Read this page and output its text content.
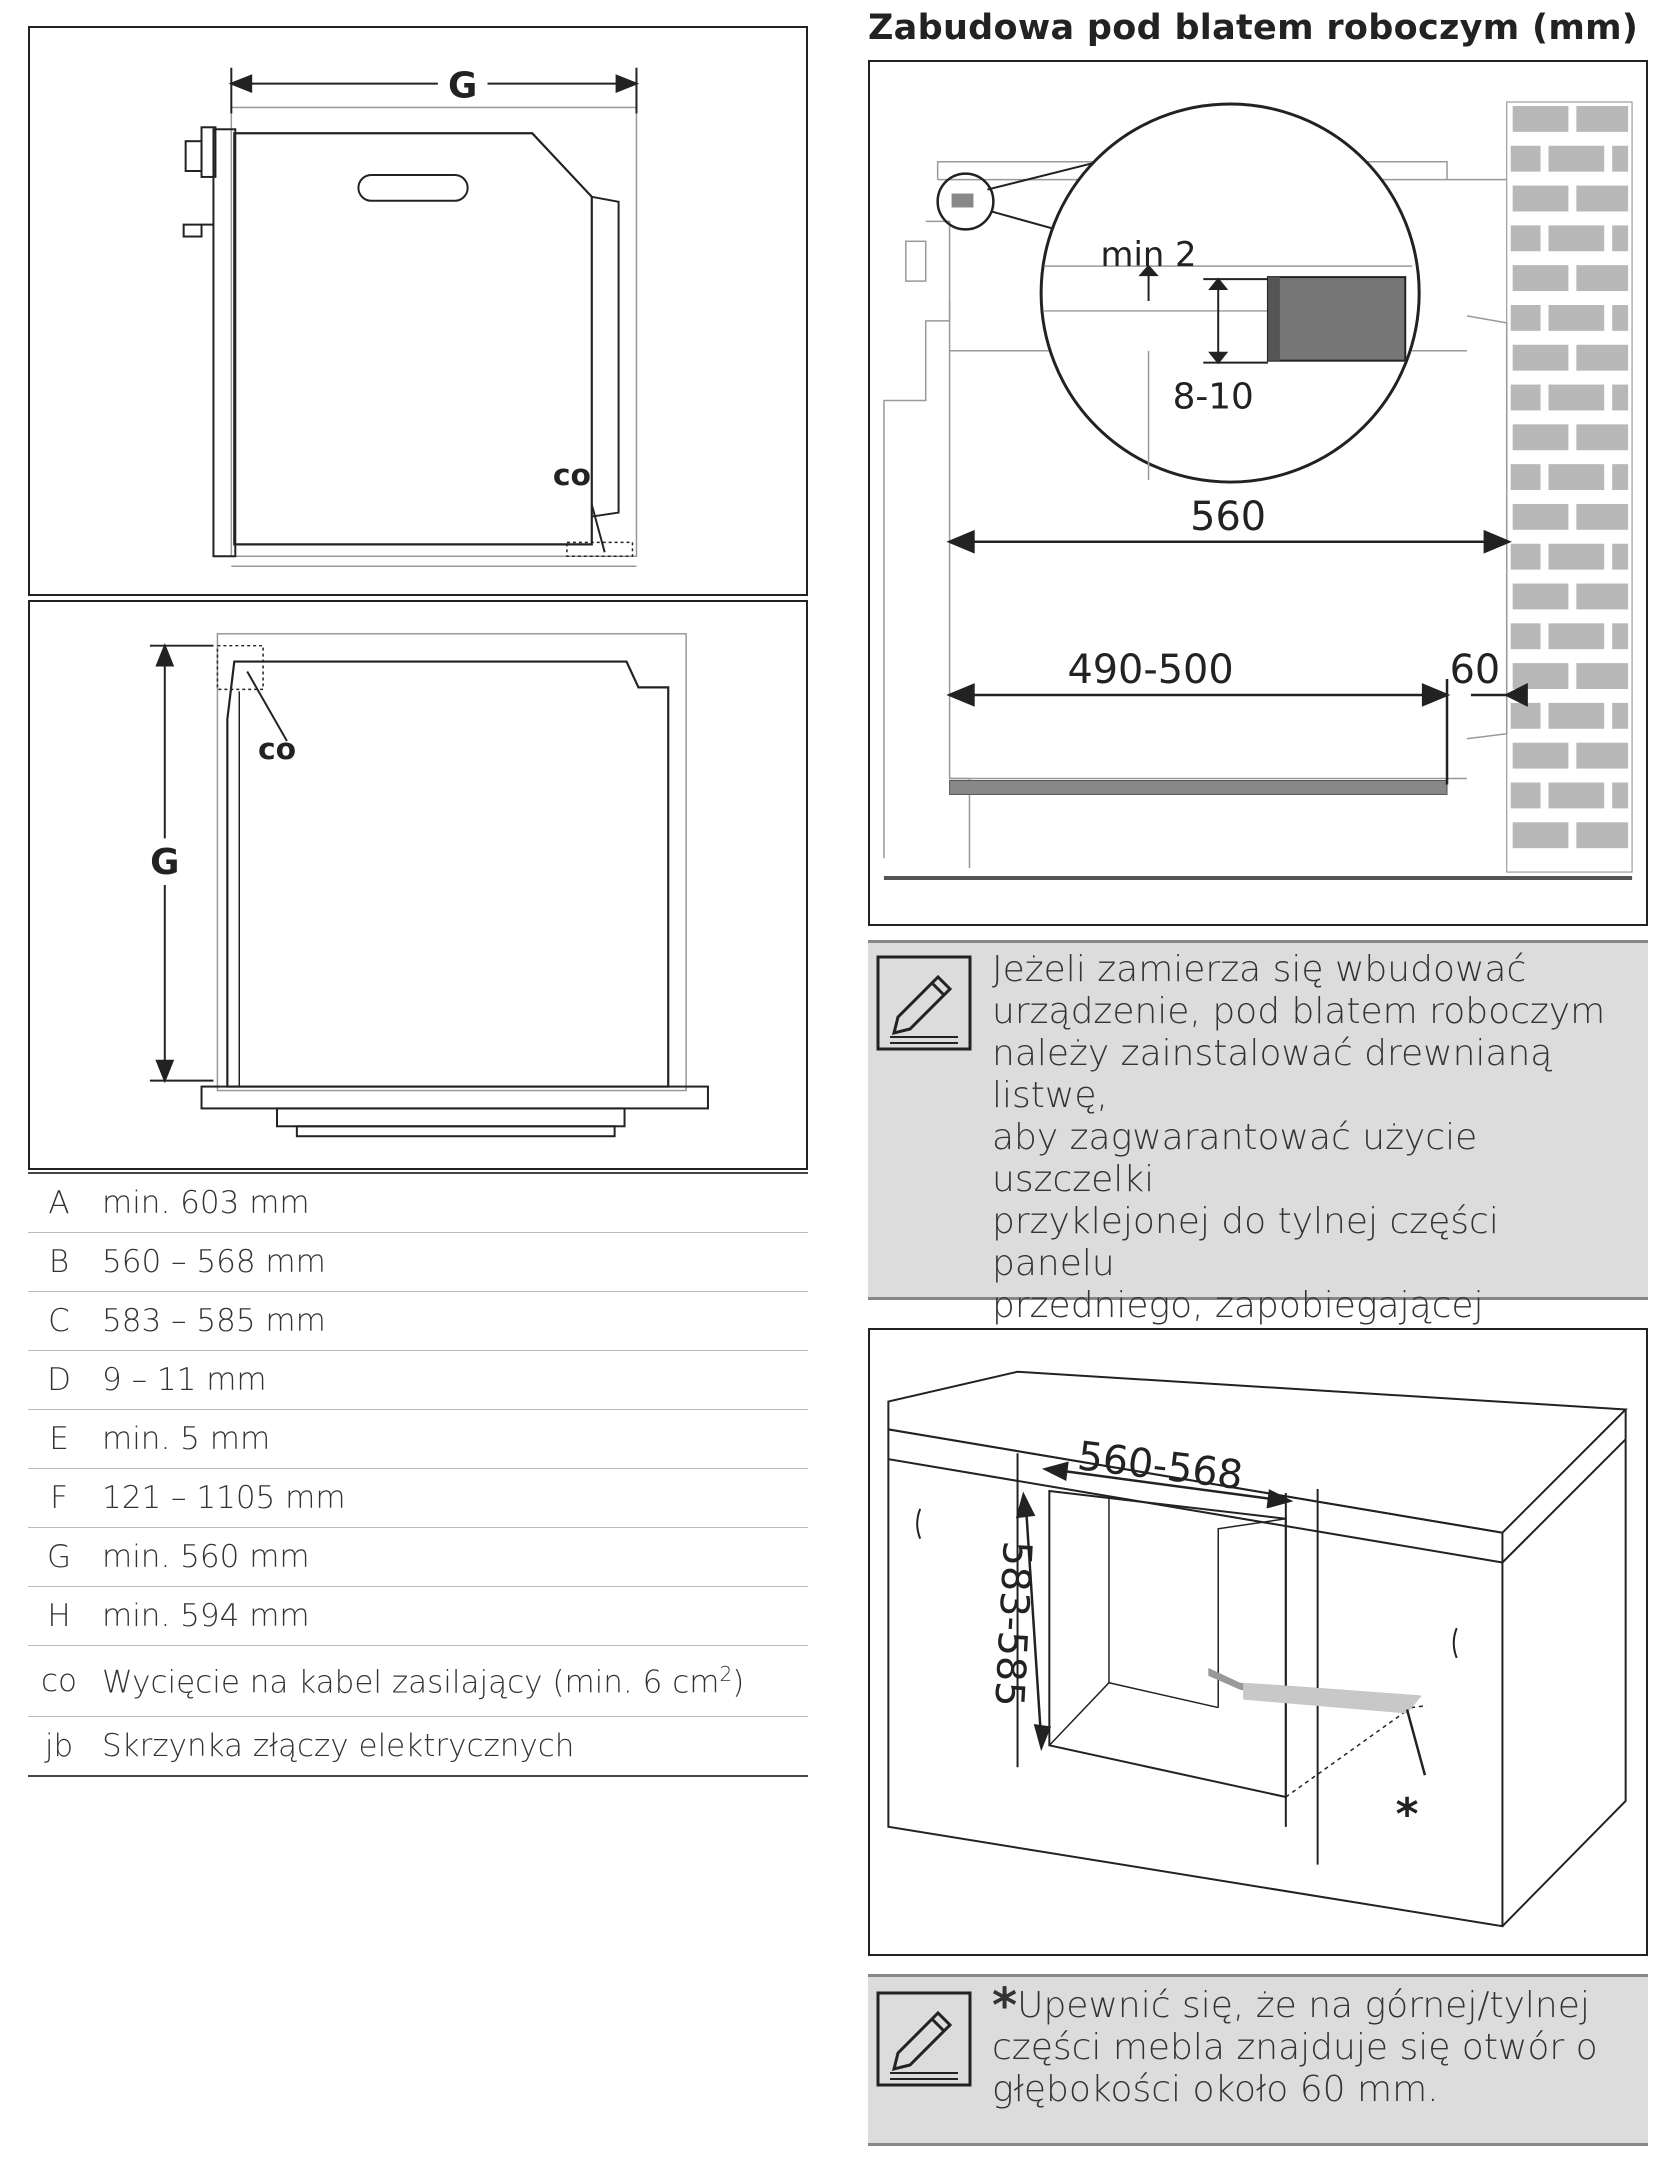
G
co
G
co
A	min. 603 mm
B	560 – 568 mm
C	583 – 585 mm
D	9 – 11 mm
E	min. 5 mm
F	121 – 1105 mm
G min. 560 mm
H	min. 594 mm
co Wycięcie na kabel zasilający (min. 6 $cm^2$)
jb Skrzynka złączy elektrycznych
Zabudowa pod blatem roboczym (mm)
min 2
8-10
560
490-500	60
Jeżeli zamierza się wbudować
urządzenie, pod blatem roboczym
należy zainstalować drewnianą listwę,
aby zagwarantować użycie uszczelki
przyklejonej do tylnej części panelu
przedniego, zapobiegającej
*
560-568
583-585
*Upewnić się, że na górnej/tylnej
części mebla znajduje się otwór o
głębokości około 60 mm.
